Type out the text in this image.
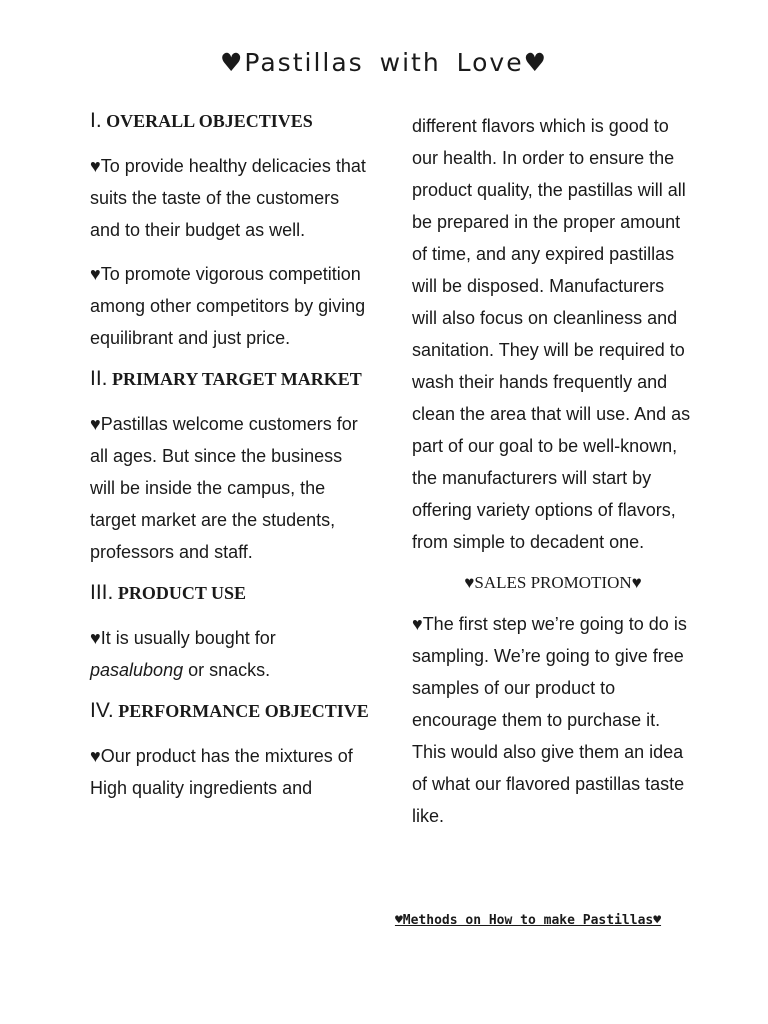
♥Pastillas with Love♥
I. OVERALL OBJECTIVES

♥To provide healthy delicacies that suits the taste of the customers and to their budget as well.

♥To promote vigorous competition among other competitors by giving equilibrant and just price.

II. PRIMARY TARGET MARKET

♥Pastillas welcome customers for all ages. But since the business will be inside the campus, the target market are the students, professors and staff.

III. PRODUCT USE

♥It is usually bought for pasalubong or snacks.

IV. PERFORMANCE OBJECTIVE

♥Our product has the mixtures of High quality ingredients and

different flavors which is good to our health. In order to ensure the product quality, the pastillas will all be prepared in the proper amount of time, and any expired pastillas will be disposed. Manufacturers will also focus on cleanliness and sanitation. They will be required to wash their hands frequently and clean the area that will use. And as part of our goal to be well-known, the manufacturers will start by offering variety options of flavors, from simple to decadent one.

♥SALES PROMOTION♥

♥The first step we’re going to do is sampling. We’re going to give free samples of our product to encourage them to purchase it. This would also give them an idea of what our flavored pastillas taste like.

♥Methods on How to make Pastillas♥
